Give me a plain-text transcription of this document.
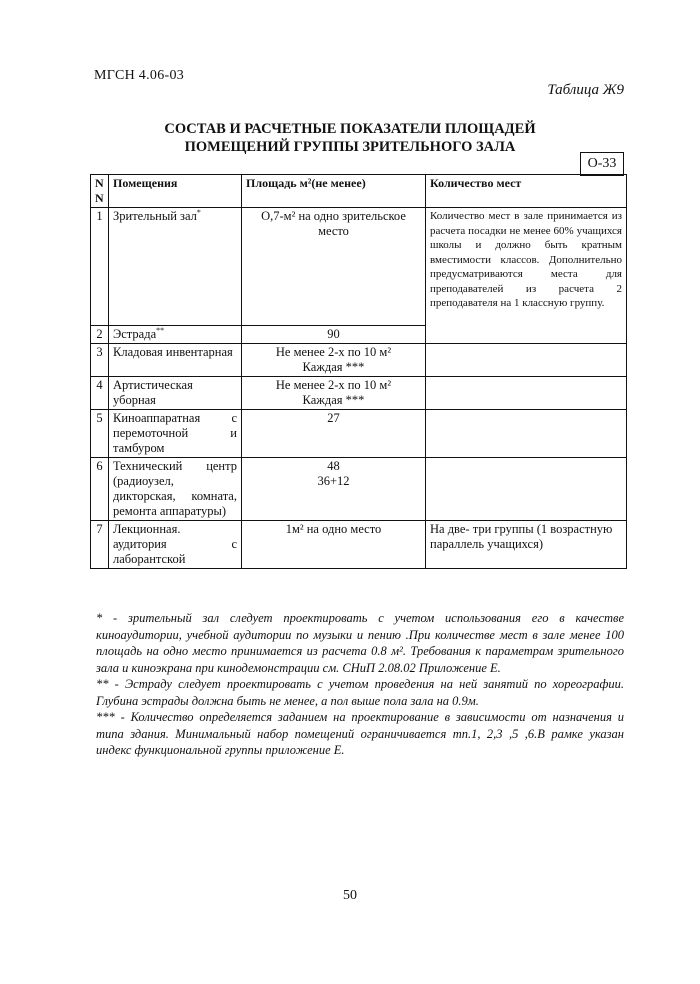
МГСН 4.06-03
Таблица Ж9
СОСТАВ И РАСЧЕТНЫЕ ПОКАЗАТЕЛИ ПЛОЩАДЕЙ
ПОМЕЩЕНИЙ ГРУППЫ ЗРИТЕЛЬНОГО ЗАЛА
О-33
N N	Помещения	Площадь м²(не менее)	Количество мест
1	Зрительный зал*	О,7-м² на одно зрительское место	Количество мест в зале принимается из расчета посадки не менее 60% учащихся школы и должно быть кратным вместимости классов. Дополнительно предусматриваются места для преподавателей из расчета 2 преподавателя на 1 классную группу.
2	Эстрада**	90	
3	Кладовая инвентарная	Не менее 2-х по 10 м²
Каждая ***	

4	Артистическая уборная	Не менее 2-х по 10 м²
Каждая ***	

5	Киноаппаратная с перемоточной и тамбуром	27	
6	Технический центр (радиоузел, дикторская, комната, ремонта аппаратуры)	48
36+12	

7	Лекционная. аудитория с лаборантской	1м² на одно место	На две- три группы (1 возрастную параллель учащихся)

* - зрительный зал следует проектировать с учетом использования его в качестве киноаудитории, учебной аудитории по музыки и пению .При количестве мест в зале менее 100 площадь на одно место принимается из расчета 0.8 м². Требования к параметрам зрительного зала и киноэкрана при кинодемонстрации см. СНиП 2.08.02 Приложение Е.

** - Эстраду следует проектировать с учетом проведения на ней занятий по хореографии. Глубина эстрады должна быть не менее, а пол выше пола зала на 0.9м.

*** - Количество определяется заданием на проектирование в зависимости от назначения и типа здания. Минимальный набор помещений ограничивается тп.1, 2,3 ,5 ,6.В рамке указан индекс функциональной группы приложение Е.

50
